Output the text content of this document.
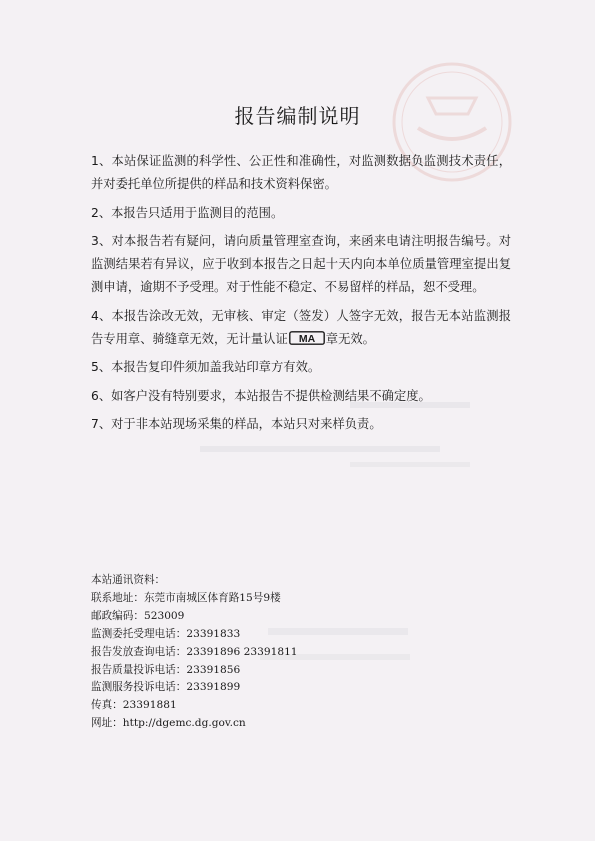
报告编制说明

1、本站保证监测的科学性、公正性和准确性，对监测数据负监测技术责任，并对委托单位所提供的样品和技术资料保密。

2、本报告只适用于监测目的范围。

3、对本报告若有疑问，请向质量管理室查询，来函来电请注明报告编号。对监测结果若有异议，应于收到本报告之日起十天内向本单位质量管理室提出复测申请，逾期不予受理。对于性能不稳定、不易留样的样品，恕不受理。

4、本报告涂改无效，无审核、审定（签发）人签字无效，报告无本站监测报告专用章、骑缝章无效，无计量认证 MA 章无效。

5、本报告复印件须加盖我站印章方有效。

6、如客户没有特别要求，本站报告不提供检测结果不确定度。

7、对于非本站现场采集的样品，本站只对来样负责。

本站通讯资料：
联系地址：东莞市南城区体育路15号9楼
邮政编码：523009
监测委托受理电话：23391833
报告发放查询电话：23391896 23391811
报告质量投诉电话：23391856
监测服务投诉电话：23391899
传真：23391881
网址：http://dgemc.dg.gov.cn
